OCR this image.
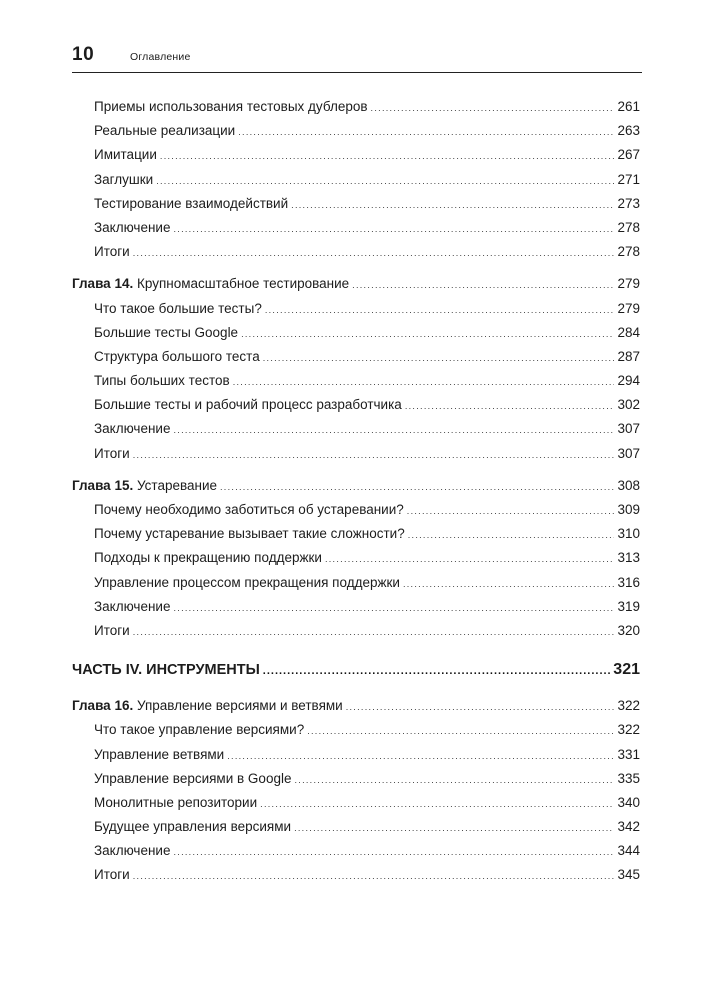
10	Оглавление
Приемы использования тестовых дублеров .....	261
Реальные реализации .....	263
Имитации .....	267
Заглушки .....	271
Тестирование взаимодействий .....	273
Заключение .....	278
Итоги .....	278
Глава 14. Крупномасштабное тестирование .....	279
Что такое большие тесты? .....	279
Большие тесты Google .....	284
Структура большого теста .....	287
Типы больших тестов .....	294
Большие тесты и рабочий процесс разработчика .....	302
Заключение .....	307
Итоги .....	307
Глава 15. Устаревание .....	308
Почему необходимо заботиться об устаревании? .....	309
Почему устаревание вызывает такие сложности? .....	310
Подходы к прекращению поддержки .....	313
Управление процессом прекращения поддержки .....	316
Заключение .....	319
Итоги .....	320
ЧАСТЬ IV. ИНСТРУМЕНТЫ .....	321
Глава 16. Управление версиями и ветвями .....	322
Что такое управление версиями? .....	322
Управление ветвями .....	331
Управление версиями в Google .....	335
Монолитные репозитории .....	340
Будущее управления версиями .....	342
Заключение .....	344
Итоги .....	345
